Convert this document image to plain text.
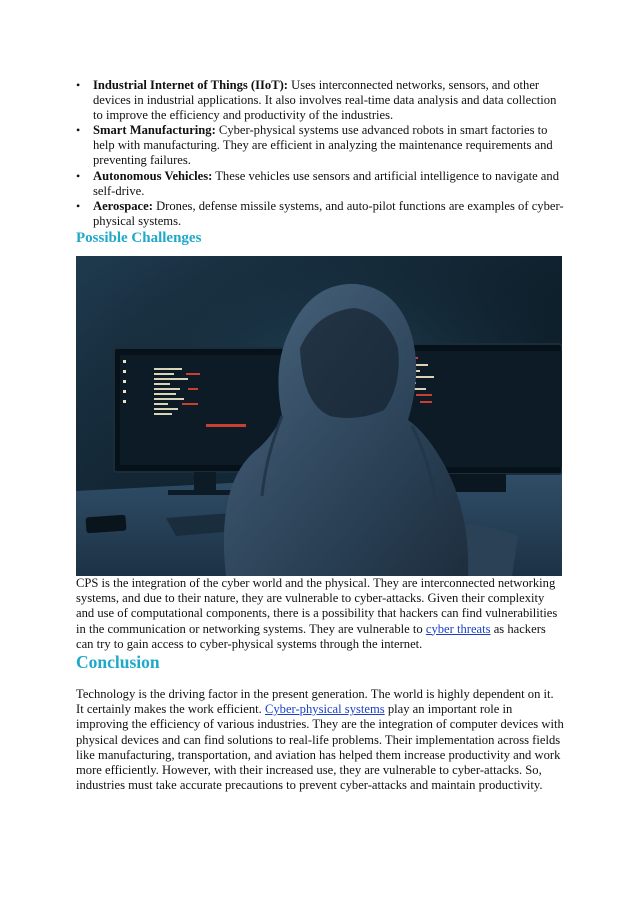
• Industrial Internet of Things (IIoT): Uses interconnected networks, sensors, and other devices in industrial applications. It also involves real-time data analysis and data collection to improve the efficiency and productivity of the industries.
• Smart Manufacturing: Cyber-physical systems use advanced robots in smart factories to help with manufacturing. They are efficient in analyzing the maintenance requirements and preventing failures.
• Autonomous Vehicles: These vehicles use sensors and artificial intelligence to navigate and self-drive.
• Aerospace: Drones, defense missile systems, and auto-pilot functions are examples of cyber-physical systems.
Possible Challenges

CPS is the integration of the cyber world and the physical. They are interconnected networking systems, and due to their nature, they are vulnerable to cyber-attacks. Given their complexity and use of computational components, there is a possibility that hackers can find vulnerabilities in the communication or networking systems. They are vulnerable to cyber threats as hackers can try to gain access to cyber-physical systems through the internet.

Conclusion

Technology is the driving factor in the present generation. The world is highly dependent on it. It certainly makes the work efficient. Cyber-physical systems play an important role in improving the efficiency of various industries. They are the integration of computer devices with physical devices and can find solutions to real-life problems. Their implementation across fields like manufacturing, transportation, and aviation has helped them increase productivity and work more efficiently. However, with their increased use, they are vulnerable to cyber-attacks. So, industries must take accurate precautions to prevent cyber-attacks and maintain productivity.
